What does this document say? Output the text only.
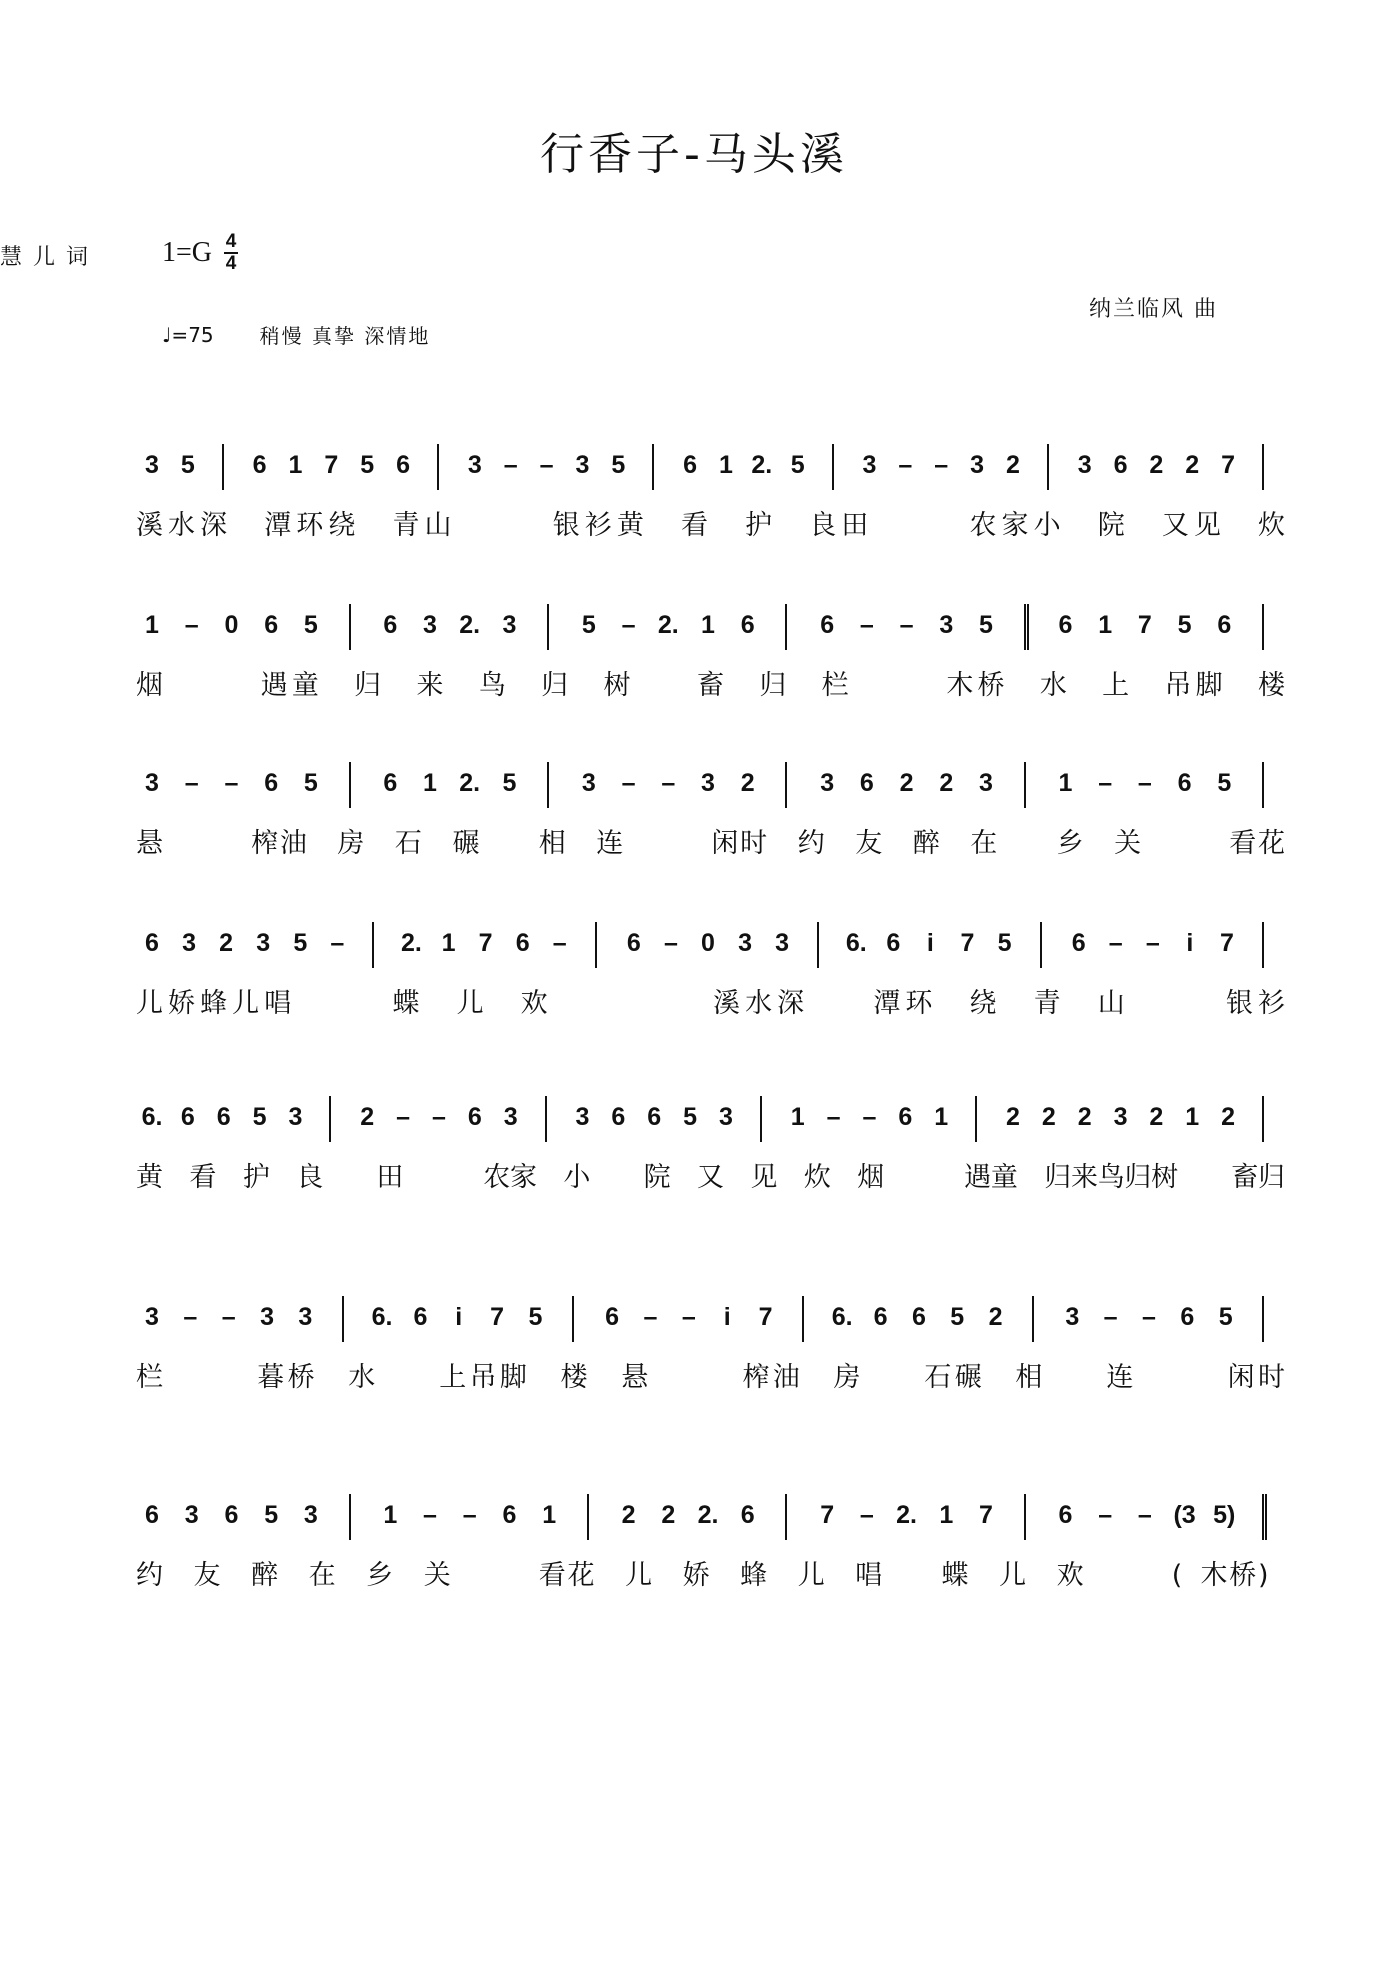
行香子-马头溪
$1=G \frac{4}{4}$
♩=75 稍慢 真挚 深情地
慧 儿 词
纳兰临风 曲
3 5 6 1 7 5 6 3 – – 3 5 6 1 2. 5 3 – – 3 2 3 6 2 2 7
溪 水 深 潭 环 绕 青 山	银 衫 黄 看 护 良 田	农 家 小 院 又 见 炊
1 – 0 6 5	6 3 2. 3	5 – 2. 1 6	6 – – 3 5	6 1 7 5 6
烟	遇 童 归 来 鸟 归 树 畜 归 栏	木 桥 水 上 吊 脚 楼
3 – – 6 5	6 1 2. 5	3 – – 3 2	3 6 2 2 3	1 – – 6 5
悬	榨 油 房 石 碾 相 连	闲 时 约 友 醉 在 乡 关	看 花
6 3 2 3 5 – 2. 1 7 6 – 6 – 0 3 3 6. 6	i	7 5 6 – –	i	7
儿 娇 蜂 儿 唱	蝶 儿 欢	溪 水 深	潭 环 绕 青 山	银 衫
6. 6 6 5 3 2 – – 6 3 3 6 6 5 3 1 – – 6 1 2 2 2 3 2 1 2
黄 看 护 良 田	农 家 小 院 又 见 炊 烟	遇 童 归 来 鸟 归 树 畜 归
3 – – 3 3 6. 6	i	7 5	6 – –	i	7 6. 6 6 5 2	3 – – 6 5
栏	暮 桥 水 上 吊 脚 楼 悬	榨 油 房 石 碾 相 连	闲 时
6 3 6 5 3	1 – – 6 1	2 2 2. 6	7 – 2. 1 7	6 – – (3 5)
约 友 醉 在 乡 关	看 花 儿 娇 蜂 儿 唱 蝶 儿 欢	( 木 桥 )
